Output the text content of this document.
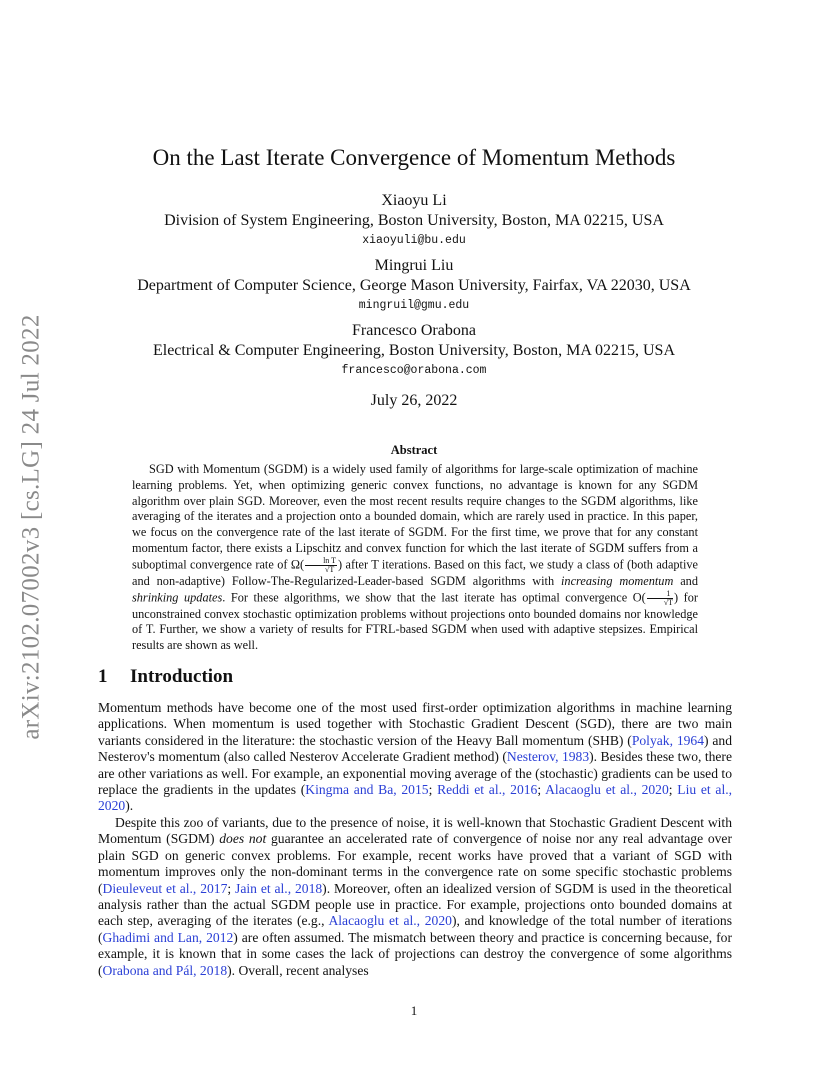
arXiv:2102.07002v3 [cs.LG] 24 Jul 2022
On the Last Iterate Convergence of Momentum Methods
Xiaoyu Li
Division of System Engineering, Boston University, Boston, MA 02215, USA
xiaoyuli@bu.edu
Mingrui Liu
Department of Computer Science, George Mason University, Fairfax, VA 22030, USA
mingruil@gmu.edu
Francesco Orabona
Electrical & Computer Engineering, Boston University, Boston, MA 02215, USA
francesco@orabona.com
July 26, 2022
Abstract

SGD with Momentum (SGDM) is a widely used family of algorithms for large-scale optimization of machine learning problems. Yet, when optimizing generic convex functions, no advantage is known for any SGDM algorithm over plain SGD. Moreover, even the most recent results require changes to the SGDM algorithms, like averaging of the iterates and a projection onto a bounded domain, which are rarely used in practice. In this paper, we focus on the convergence rate of the last iterate of SGDM. For the first time, we prove that for any constant momentum factor, there exists a Lipschitz and convex function for which the last iterate of SGDM suffers from a suboptimal convergence rate of $\Omega( \frac{\text{ln T}}{√T}$ ) after T iterations. Based on this fact, we study a class of (both adaptive and non-adaptive) Follow-The-Regularized-Leader-based SGDM algorithms with increasing momentum and shrinking updates. For these algorithms, we show that the last iterate has optimal convergence $O( \frac{1}{√T}$ ) for unconstrained convex stochastic optimization problems without projections onto bounded domains nor knowledge of T. Further, we show a variety of results for FTRL-based SGDM when used with adaptive stepsizes. Empirical results are shown as well.

1 Introduction

Momentum methods have become one of the most used first-order optimization algorithms in machine learning applications. When momentum is used together with Stochastic Gradient Descent (SGD), there are two main variants considered in the literature: the stochastic version of the Heavy Ball momentum (SHB) (Polyak, 1964) and Nesterov's momentum (also called Nesterov Accelerate Gradient method) (Nesterov, 1983). Besides these two, there are other variations as well. For example, an exponential moving average of the (stochastic) gradients can be used to replace the gradients in the updates (Kingma and Ba, 2015; Reddi et al., 2016; Alacaoglu et al., 2020; Liu et al., 2020).

Despite this zoo of variants, due to the presence of noise, it is well-known that Stochastic Gradient Descent with Momentum (SGDM) does not guarantee an accelerated rate of convergence of noise nor any real advantage over plain SGD on generic convex problems. For example, recent works have proved that a variant of SGD with momentum improves only the non-dominant terms in the convergence rate on some specific stochastic problems (Dieuleveut et al., 2017; Jain et al., 2018). Moreover, often an idealized version of SGDM is used in the theoretical analysis rather than the actual SGDM people use in practice. For example, projections onto bounded domains at each step, averaging of the iterates (e.g., Alacaoglu et al., 2020), and knowledge of the total number of iterations (Ghadimi and Lan, 2012) are often assumed. The mismatch between theory and practice is concerning because, for example, it is known that in some cases the lack of projections can destroy the convergence of some algorithms (Orabona and Pál, 2018). Overall, recent analyses

1
